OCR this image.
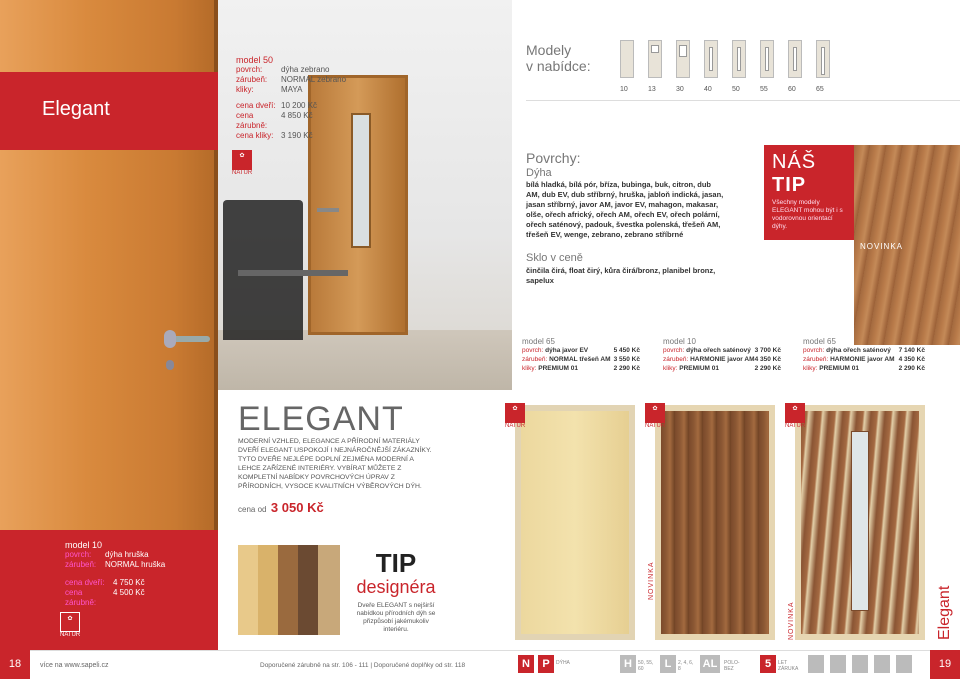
Elegant
model 50
povrch:	dýha zebrano
zárubeň:	NORMAL zebrano
kliky:	MAYA
cena dveří: 10 200 Kč
cena zárubně:
4 850 Kč
cena kliky: 3 190 Kč
✿
NATUR
Modely
v nabídce:
10	13	30	40	50	55	60	65
Povrchy:
Dýha
bílá hladká, bílá pór, bříza, bubinga, buk, citron, dub AM, dub EV, dub stříbrný, hruška, jabloň indická, jasan, jasan stříbrný, javor AM, javor EV, mahagon, makasar, olše, ořech africký, ořech AM, ořech EV, ořech polární, ořech saténový, padouk, švestka polenská, třešeň AM, třešeň EV, wenge, zebrano, zebrano stříbrné
Sklo v ceně
činčila čirá, float čirý, kůra čirá/bronz, planibel bronz, sapelux
NÁŠ TIP
Všechny modely ELEGANT mohou být i s vodorovnou orientací dýhy.
NOVINKA
model 65
povrch: dýha javor EV	5 450 Kč
zárubeň: NORMAL třešeň AM 3 550 Kč
kliky: PREMIUM 01	2 290 Kč
model 10
povrch: dýha ořech saténový 3 700 Kč
zárubeň: HARMONIE javor AM 4 350 Kč
kliky: PREMIUM 01	2 290 Kč
model 65
povrch: dýha ořech saténový 7 140 Kč
zárubeň: HARMONIE javor AM 4 350 Kč
kliky: PREMIUM 01	2 290 Kč
✿
NATUR
✿
NATUR
✿
NATUR
ELEGANT
MODERNÍ VZHLED, ELEGANCE A PŘÍRODNÍ MATERIÁLY DVEŘÍ ELEGANT USPOKOJÍ I NEJNÁROČNĚJŠÍ ZÁKAZNÍKY. TYTO DVEŘE NEJLÉPE DOPLNÍ ZEJMÉNA MODERNÍ A LEHCE ZAŘÍZENÉ INTERIÉRY. VYBÍRAT MŮŽETE Z KOMPLETNÍ NABÍDKY POVRCHOVÝCH ÚPRAV Z PŘÍRODNÍCH, VYSOCE KVALITNÍCH VÝBĚROVÝCH DÝH.
cena od 3 050 Kč
model 10
povrch:	dýha hruška
zárubeň:	NORMAL hruška
cena dveří:	4 750 Kč
cena zárubně:
4 500 Kč
✿
NATUR
TIP
designéra
Dveře ELEGANT s nejširší nabídkou přírodních dýh se přizpůsobí jakémukoliv interiéru.
NOVINKA
NOVINKA	Elegant
18	více na www.sapeli.cz	Doporučené zárubně na str. 106 - 111 | Doporučené doplňky od str. 118	N	P	DÝHA	H	50, 55, 60	L	2, 4, 6, 8	AL	POLO-BEZ	5	LET ZÁRUKA	19
